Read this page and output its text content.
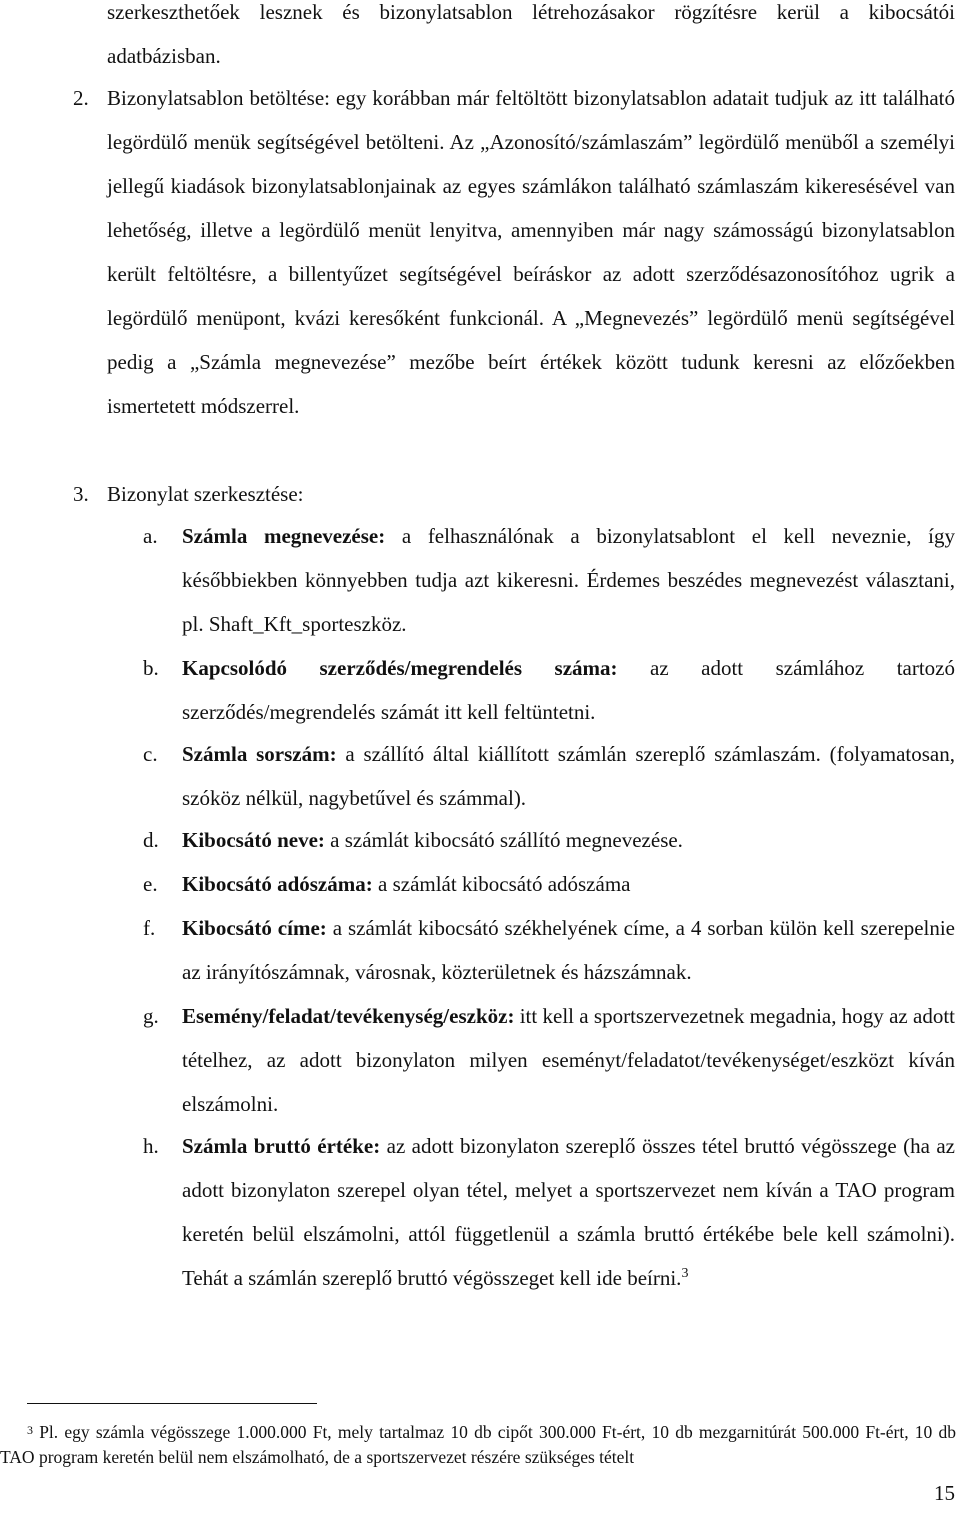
szerkeszthetőek lesznek és bizonylatsablon létrehozásakor rögzítésre kerül a kibocsátói adatbázisban.

2. Bizonylatsablon betöltése: egy korábban már feltöltött bizonylatsablon adatait tudjuk az itt található legördülő menük segítségével betölteni. Az „Azonosító/számlaszám” legördülő menüből a személyi jellegű kiadások bizonylatsablonjainak az egyes számlákon található számlaszám kikeresésével van lehetőség, illetve a legördülő menüt lenyitva, amennyiben már nagy számosságú bizonylatsablon került feltöltésre, a billentyűzet segítségével beíráskor az adott szerződésazonosítóhoz ugrik a legördülő menüpont, kvázi keresőként funkcionál. A „Megnevezés” legördülő menü segítségével pedig a „Számla megnevezése” mezőbe beírt értékek között tudunk keresni az előzőekben ismertetett módszerrel.
3. Bizonylat szerkesztése:
a. Számla megnevezése: a felhasználónak a bizonylatsablont el kell neveznie, így későbbiekben könnyebben tudja azt kikeresni. Érdemes beszédes megnevezést választani, pl. Shaft_Kft_sporteszköz.
b. Kapcsolódó szerződés/megrendelés száma: az adott számlához tartozó szerződés/megrendelés számát itt kell feltüntetni.
c. Számla sorszám: a szállító által kiállított számlán szereplő számlaszám. (folyamatosan, szóköz nélkül, nagybetűvel és számmal).
d. Kibocsátó neve: a számlát kibocsátó szállító megnevezése.
e. Kibocsátó adószáma: a számlát kibocsátó adószáma
f. Kibocsátó címe: a számlát kibocsátó székhelyének címe, a 4 sorban külön kell szerepelnie az irányítószámnak, városnak, közterületnek és házszámnak.
g. Esemény/feladat/tevékenység/eszköz: itt kell a sportszervezetnek megadnia, hogy az adott tételhez, az adott bizonylaton milyen eseményt/feladatot/tevékenységet/eszközt kíván elszámolni.
h. Számla bruttó értéke: az adott bizonylaton szereplő összes tétel bruttó végösszege (ha az adott bizonylaton szerepel olyan tétel, melyet a sportszervezet nem kíván a TAO program keretén belül elszámolni, attól függetlenül a számla bruttó értékébe bele kell számolni). Tehát a számlán szereplő bruttó végösszeget kell ide beírni.$^3$

$^3$ Pl. egy számla végösszege 1.000.000 Ft, mely tartalmaz 10 db cipőt 300.000 Ft-ért, 10 db mezgarnitúrát 500.000 Ft-ért, 10 db TAO program keretén belül nem elszámolható, de a sportszervezet részére szükséges tételt

15
